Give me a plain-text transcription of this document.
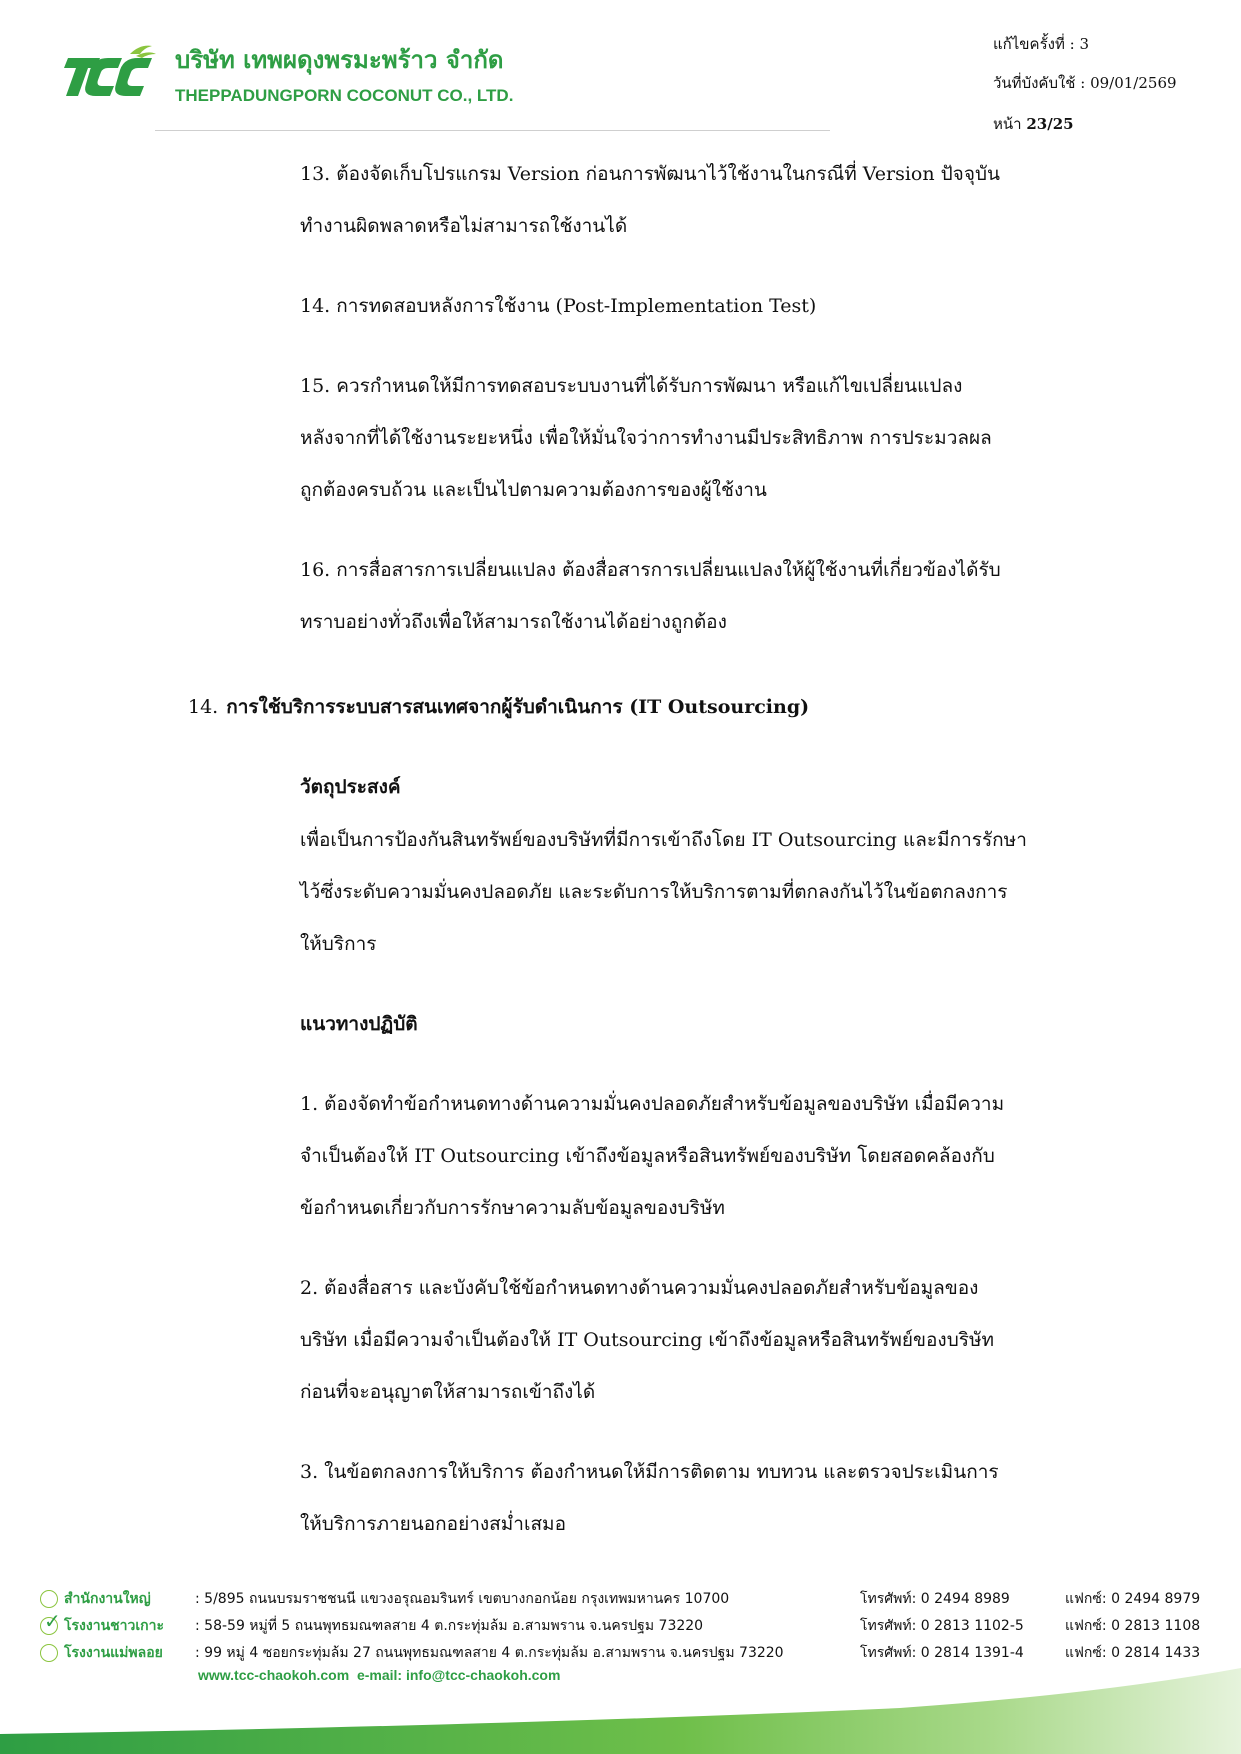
บริษัท เทพผดุงพรมะพร้าว จำกัด
THEPPADUNGPORN COCONUT CO., LTD.
แก้ไขครั้งที่ : 3
วันที่บังคับใช้ : 09/01/2569
หน้า 23/25
13. ต้องจัดเก็บโปรแกรม Version ก่อนการพัฒนาไว้ใช้งานในกรณีที่ Version ปัจจุบัน
ทำงานผิดพลาดหรือไม่สามารถใช้งานได้
14. การทดสอบหลังการใช้งาน (Post-Implementation Test)
15. ควรกำหนดให้มีการทดสอบระบบงานที่ได้รับการพัฒนา หรือแก้ไขเปลี่ยนแปลง
หลังจากที่ได้ใช้งานระยะหนึ่ง เพื่อให้มั่นใจว่าการทำงานมีประสิทธิภาพ การประมวลผล
ถูกต้องครบถ้วน และเป็นไปตามความต้องการของผู้ใช้งาน
16. การสื่อสารการเปลี่ยนแปลง ต้องสื่อสารการเปลี่ยนแปลงให้ผู้ใช้งานที่เกี่ยวข้องได้รับ
ทราบอย่างทั่วถึงเพื่อให้สามารถใช้งานได้อย่างถูกต้อง
14. การใช้บริการระบบสารสนเทศจากผู้รับดำเนินการ (IT Outsourcing)
วัตถุประสงค์
เพื่อเป็นการป้องกันสินทรัพย์ของบริษัทที่มีการเข้าถึงโดย IT Outsourcing และมีการรักษา
ไว้ซึ่งระดับความมั่นคงปลอดภัย และระดับการให้บริการตามที่ตกลงกันไว้ในข้อตกลงการ
ให้บริการ
แนวทางปฏิบัติ
1. ต้องจัดทำข้อกำหนดทางด้านความมั่นคงปลอดภัยสำหรับข้อมูลของบริษัท เมื่อมีความ
จำเป็นต้องให้ IT Outsourcing เข้าถึงข้อมูลหรือสินทรัพย์ของบริษัท โดยสอดคล้องกับ
ข้อกำหนดเกี่ยวกับการรักษาความลับข้อมูลของบริษัท
2. ต้องสื่อสาร และบังคับใช้ข้อกำหนดทางด้านความมั่นคงปลอดภัยสำหรับข้อมูลของ
บริษัท เมื่อมีความจำเป็นต้องให้ IT Outsourcing เข้าถึงข้อมูลหรือสินทรัพย์ของบริษัท
ก่อนที่จะอนุญาตให้สามารถเข้าถึงได้
3. ในข้อตกลงการให้บริการ ต้องกำหนดให้มีการติดตาม ทบทวน และตรวจประเมินการ
ให้บริการภายนอกอย่างสม่ำเสมอ
สำนักงานใหญ่	: 5/895 ถนนบรมราชชนนี แขวงอรุณอมรินทร์ เขตบางกอกน้อย กรุงเทพมหานคร 10700	โทรศัพท์: 0 2494 8989	แฟกซ์: 0 2494 8979
✓ โรงงานชาวเกาะ : 58-59 หมู่ที่ 5 ถนนพุทธมณฑลสาย 4 ต.กระทุ่มล้ม อ.สามพราน จ.นครปฐม 73220	โทรศัพท์: 0 2813 1102-5	แฟกซ์: 0 2813 1108
โรงงานแม่พลอย : 99 หมู่ 4 ซอยกระทุ่มล้ม 27 ถนนพุทธมณฑลสาย 4 ต.กระทุ่มล้ม อ.สามพราน จ.นครปฐม 73220	โทรศัพท์: 0 2814 1391-4	แฟกซ์: 0 2814 1433
www.tcc-chaokoh.com e-mail: info@tcc-chaokoh.com
